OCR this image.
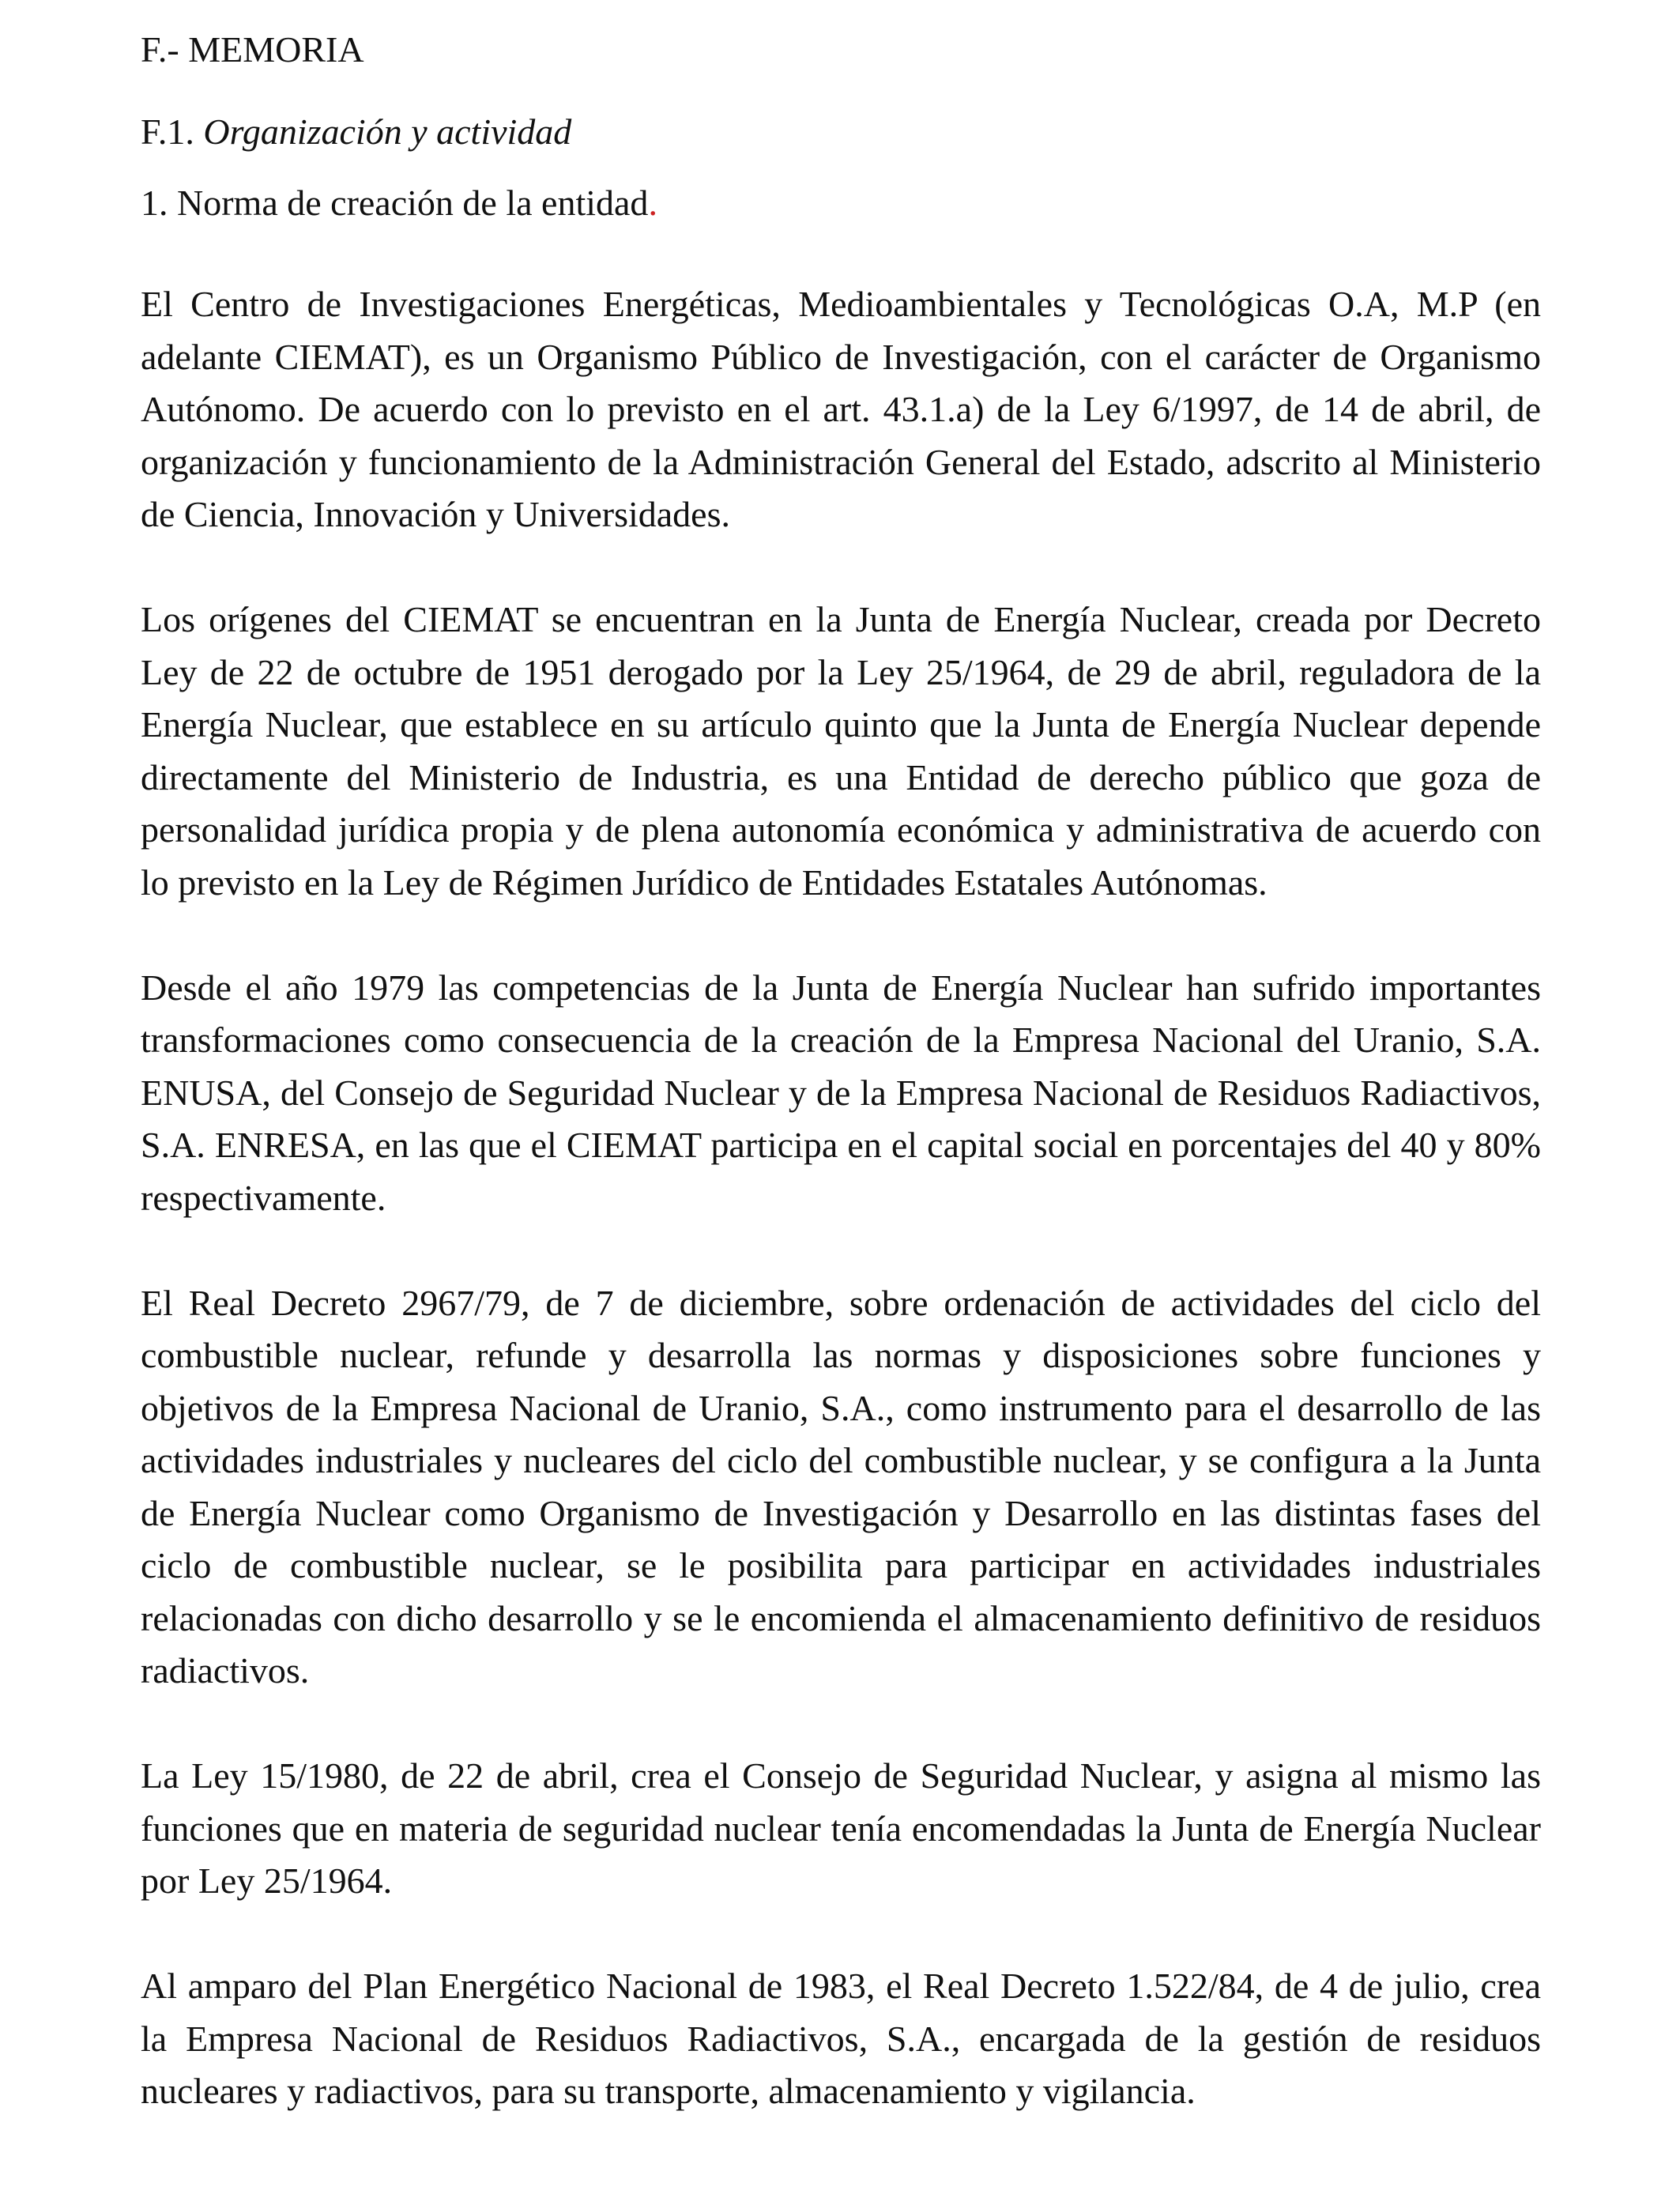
F.- MEMORIA

F.1. Organización y actividad

1. Norma de creación de la entidad.

El Centro de Investigaciones Energéticas, Medioambientales y Tecnológicas O.A, M.P (en adelante CIEMAT), es un Organismo Público de Investigación, con el carácter de Organismo Autónomo. De acuerdo con lo previsto en el art. 43.1.a) de la Ley 6/1997, de 14 de abril, de organización y funcionamiento de la Administración General del Estado, adscrito al Ministerio de Ciencia, Innovación y Universidades.

Los orígenes del CIEMAT se encuentran en la Junta de Energía Nuclear, creada por Decreto Ley de 22 de octubre de 1951 derogado por la Ley 25/1964, de 29 de abril, reguladora de la Energía Nuclear, que establece en su artículo quinto que la Junta de Energía Nuclear depende directamente del Ministerio de Industria, es una Entidad de derecho público que goza de personalidad jurídica propia y de plena autonomía económica y administrativa de acuerdo con lo previsto en la Ley de Régimen Jurídico de Entidades Estatales Autónomas.

Desde el año 1979 las competencias de la Junta de Energía Nuclear han sufrido importantes transformaciones como consecuencia de la creación de la Empresa Nacional del Uranio, S.A. ENUSA, del Consejo de Seguridad Nuclear y de la Empresa Nacional de Residuos Radiactivos, S.A. ENRESA, en las que el CIEMAT participa en el capital social en porcentajes del 40 y 80% respectivamente.

El Real Decreto 2967/79, de 7 de diciembre, sobre ordenación de actividades del ciclo del combustible nuclear, refunde y desarrolla las normas y disposiciones sobre funciones y objetivos de la Empresa Nacional de Uranio, S.A., como instrumento para el desarrollo de las actividades industriales y nucleares del ciclo del combustible nuclear, y se configura a la Junta de Energía Nuclear como Organismo de Investigación y Desarrollo en las distintas fases del ciclo de combustible nuclear, se le posibilita para participar en actividades industriales relacionadas con dicho desarrollo y se le encomienda el almacenamiento definitivo de residuos radiactivos.

La Ley 15/1980, de 22 de abril, crea el Consejo de Seguridad Nuclear, y asigna al mismo las funciones que en materia de seguridad nuclear tenía encomendadas la Junta de Energía Nuclear por Ley 25/1964.

Al amparo del Plan Energético Nacional de 1983, el Real Decreto 1.522/84, de 4 de julio, crea la Empresa Nacional de Residuos Radiactivos, S.A., encargada de la gestión de residuos nucleares y radiactivos, para su transporte, almacenamiento y vigilancia.
